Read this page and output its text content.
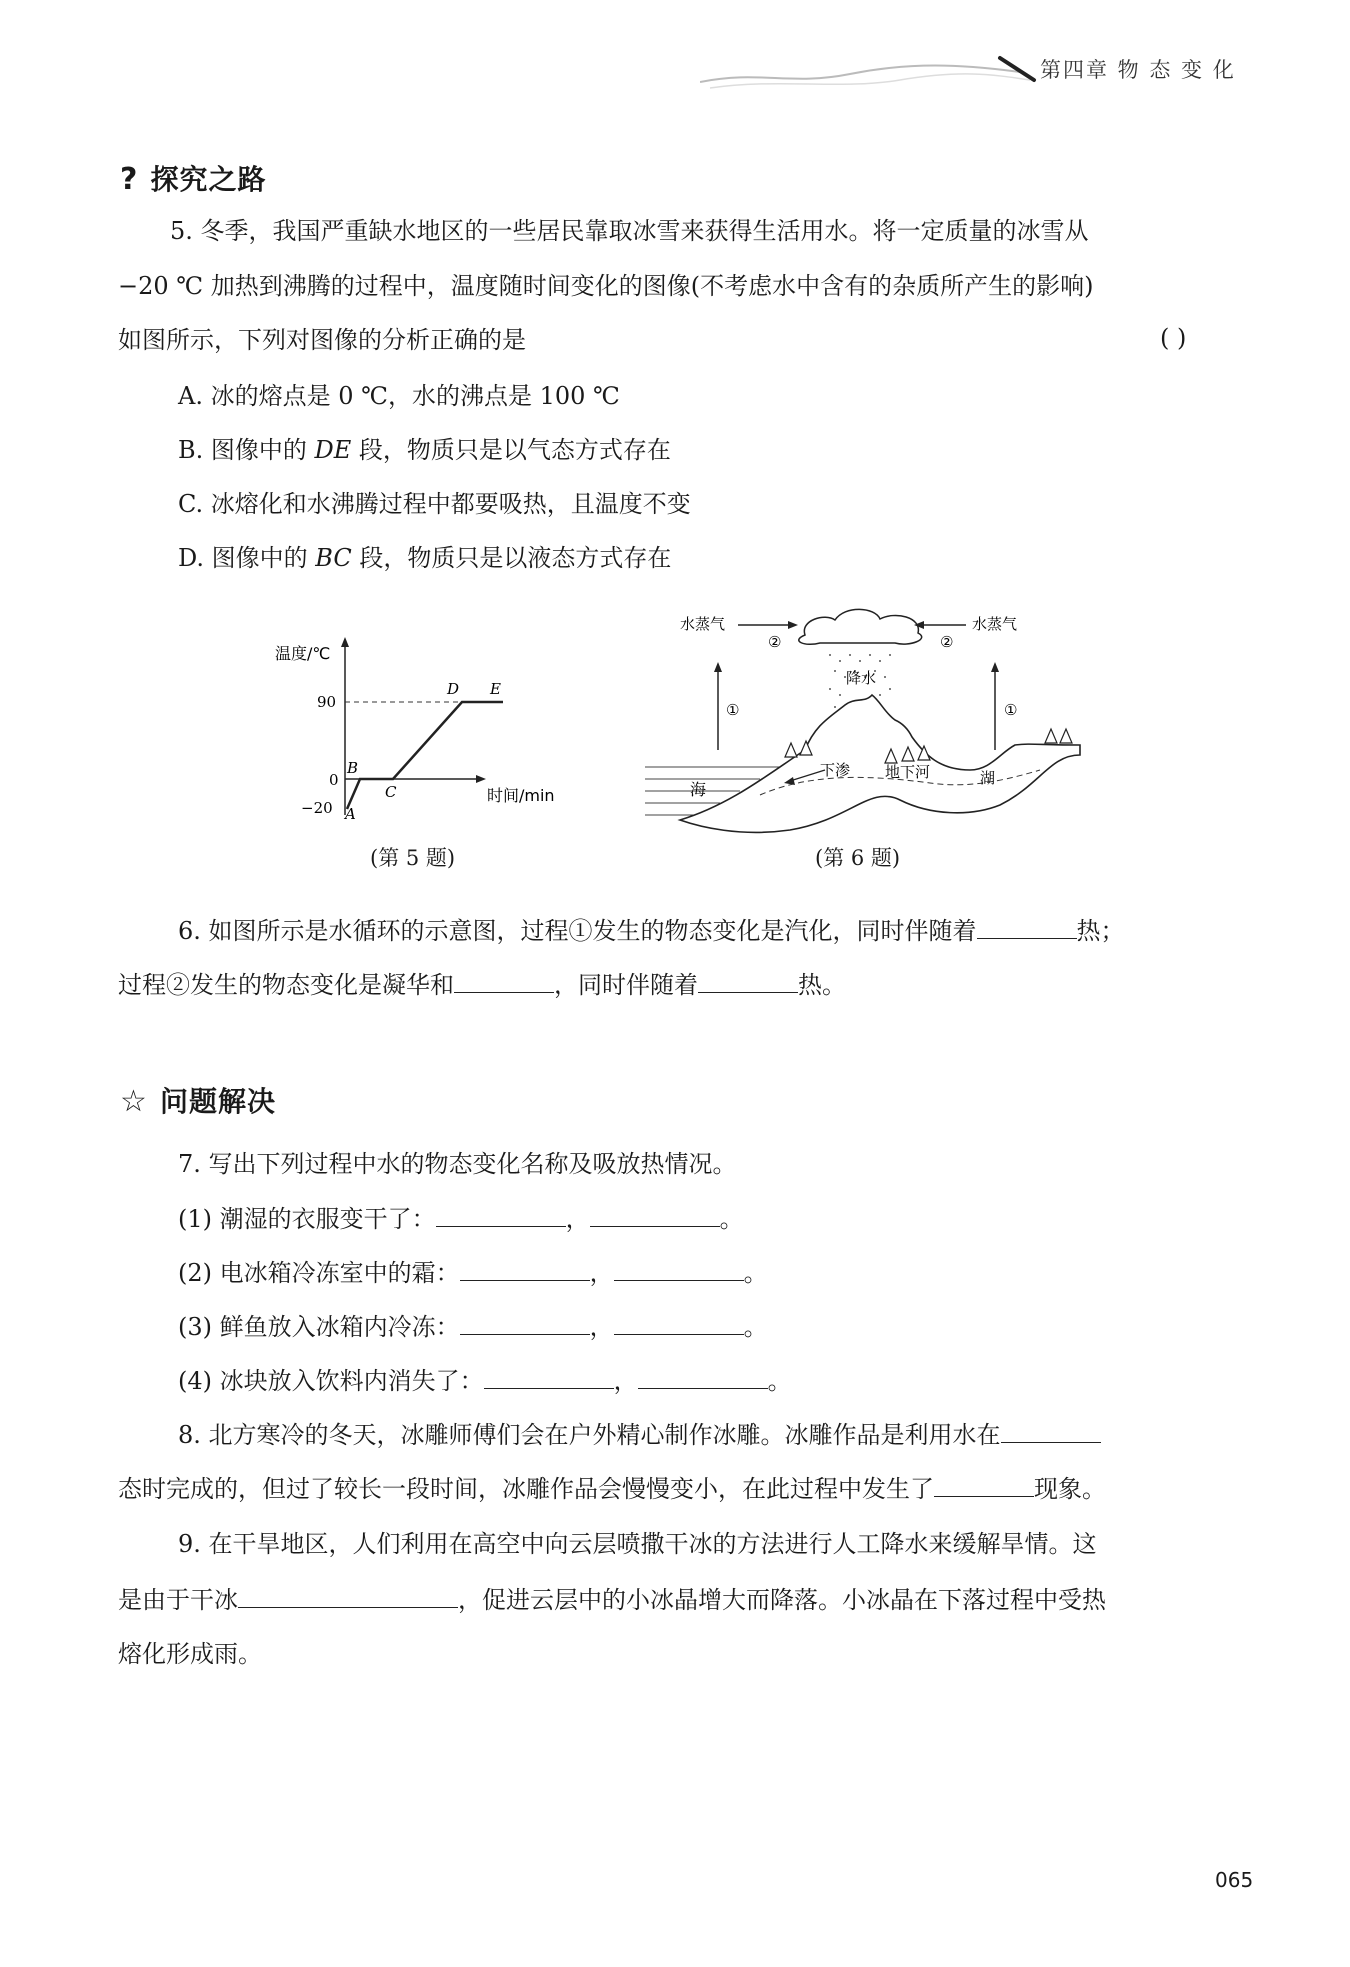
第四章 物 态 变 化
? 探究之路
5. 冬季，我国严重缺水地区的一些居民靠取冰雪来获得生活用水。将一定质量的冰雪从
−20 ℃ 加热到沸腾的过程中，温度随时间变化的图像(不考虑水中含有的杂质所产生的影响)
如图所示，下列对图像的分析正确的是	( )
A. 冰的熔点是 0 ℃，水的沸点是 100 ℃
B. 图像中的 DE 段，物质只是以气态方式存在
C. 冰熔化和水沸腾过程中都要吸热，且温度不变
D. 图像中的 BC 段，物质只是以液态方式存在
温度/℃
时间/min
90
0
−20 A
B
C
D E
(第 5 题)
降水
水蒸气
②
水蒸气
②
①	①
海
下渗 地下河	湖
(第 6 题)
6. 如图所示是水循环的示意图，过程①发生的物态变化是汽化，同时伴随着	热；
过程②发生的物态变化是凝华和	，同时伴随着	热。
☆ 问题解决
7. 写出下列过程中水的物态变化名称及吸放热情况。
(1) 潮湿的衣服变干了：	，	。
(2) 电冰箱冷冻室中的霜：	，	。
(3) 鲜鱼放入冰箱内冷冻：	，	。
(4) 冰块放入饮料内消失了：	，	。
8. 北方寒冷的冬天，冰雕师傅们会在户外精心制作冰雕。冰雕作品是利用水在
态时完成的，但过了较长一段时间，冰雕作品会慢慢变小，在此过程中发生了	现象。
9. 在干旱地区，人们利用在高空中向云层喷撒干冰的方法进行人工降水来缓解旱情。这
是由于干冰	，促进云层中的小冰晶增大而降落。小冰晶在下落过程中受热
熔化形成雨。
065
